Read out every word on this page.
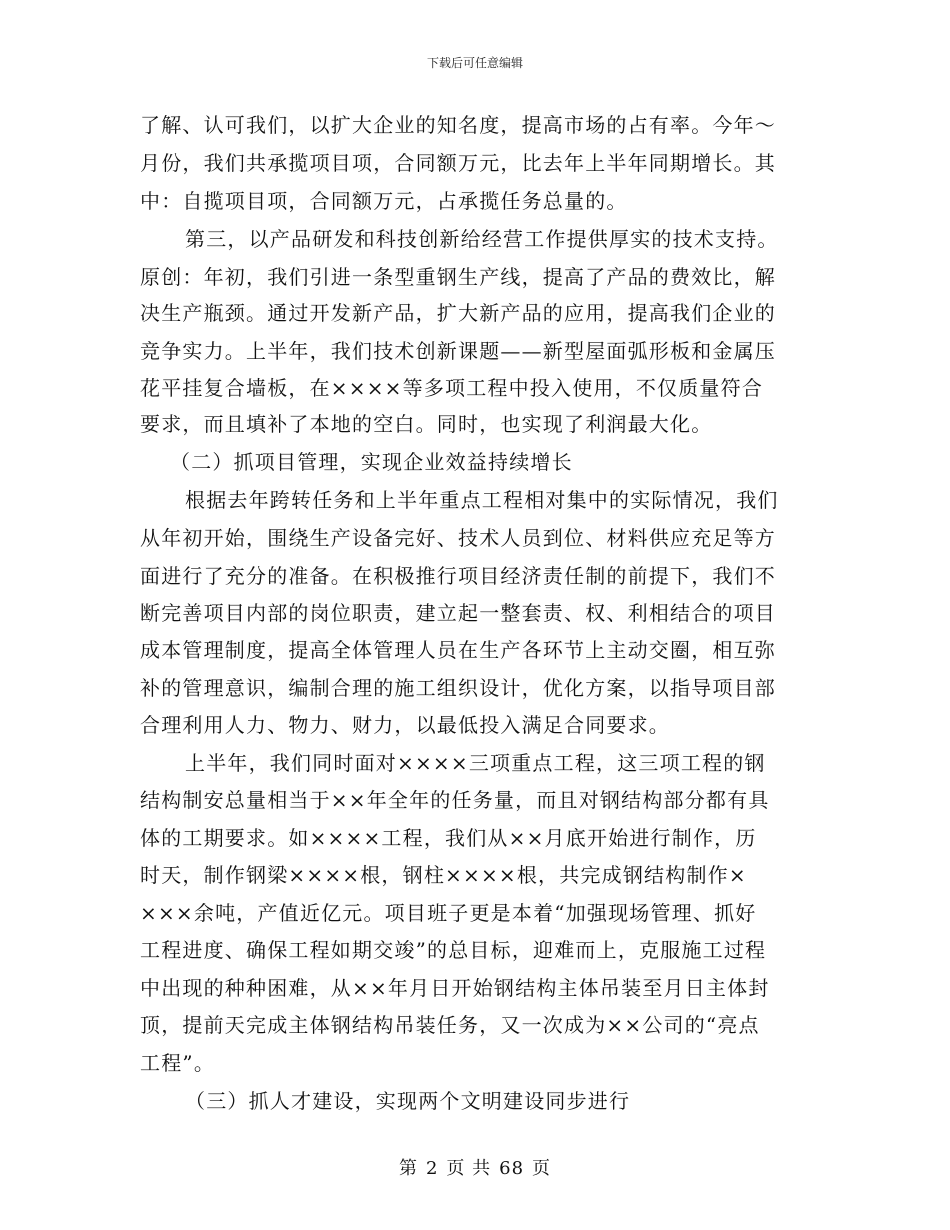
下载后可任意编辑
了解、认可我们，以扩大企业的知名度，提高市场的占有率。今年～
月份，我们共承揽项目项，合同额万元，比去年上半年同期增长。其
中：自揽项目项，合同额万元，占承揽任务总量的。
第三，以产品研发和科技创新给经营工作提供厚实的技术支持。
原创：年初，我们引进一条型重钢生产线，提高了产品的费效比，解
决生产瓶颈。通过开发新产品，扩大新产品的应用，提高我们企业的
竞争实力。上半年，我们技术创新课题——新型屋面弧形板和金属压
花平挂复合墙板，在××××等多项工程中投入使用，不仅质量符合
要求，而且填补了本地的空白。同时，也实现了利润最大化。
（二）抓项目管理，实现企业效益持续增长
根据去年跨转任务和上半年重点工程相对集中的实际情况，我们
从年初开始，围绕生产设备完好、技术人员到位、材料供应充足等方
面进行了充分的准备。在积极推行项目经济责任制的前提下，我们不
断完善项目内部的岗位职责，建立起一整套责、权、利相结合的项目
成本管理制度，提高全体管理人员在生产各环节上主动交圈，相互弥
补的管理意识，编制合理的施工组织设计，优化方案，以指导项目部
合理利用人力、物力、财力，以最低投入满足合同要求。
上半年，我们同时面对××××三项重点工程，这三项工程的钢
结构制安总量相当于××年全年的任务量，而且对钢结构部分都有具
体的工期要求。如××××工程，我们从××月底开始进行制作，历
时天，制作钢梁××××根，钢柱××××根，共完成钢结构制作×
×××余吨，产值近亿元。项目班子更是本着“加强现场管理、抓好
工程进度、确保工程如期交竣”的总目标，迎难而上，克服施工过程
中出现的种种困难，从××年月日开始钢结构主体吊装至月日主体封
顶，提前天完成主体钢结构吊装任务，又一次成为××公司的“亮点
工程”。
（三）抓人才建设，实现两个文明建设同步进行
第 2 页 共 68 页
